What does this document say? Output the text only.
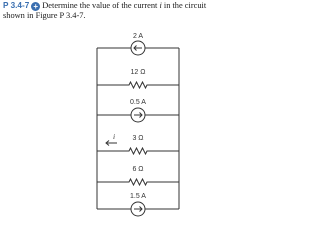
P 3.4-7 + Determine the value of the current i in the circuit
shown in Figure P 3.4-7.
2 A
12 Ω
0.5 A
i 3 Ω
6 Ω
1.5 A
